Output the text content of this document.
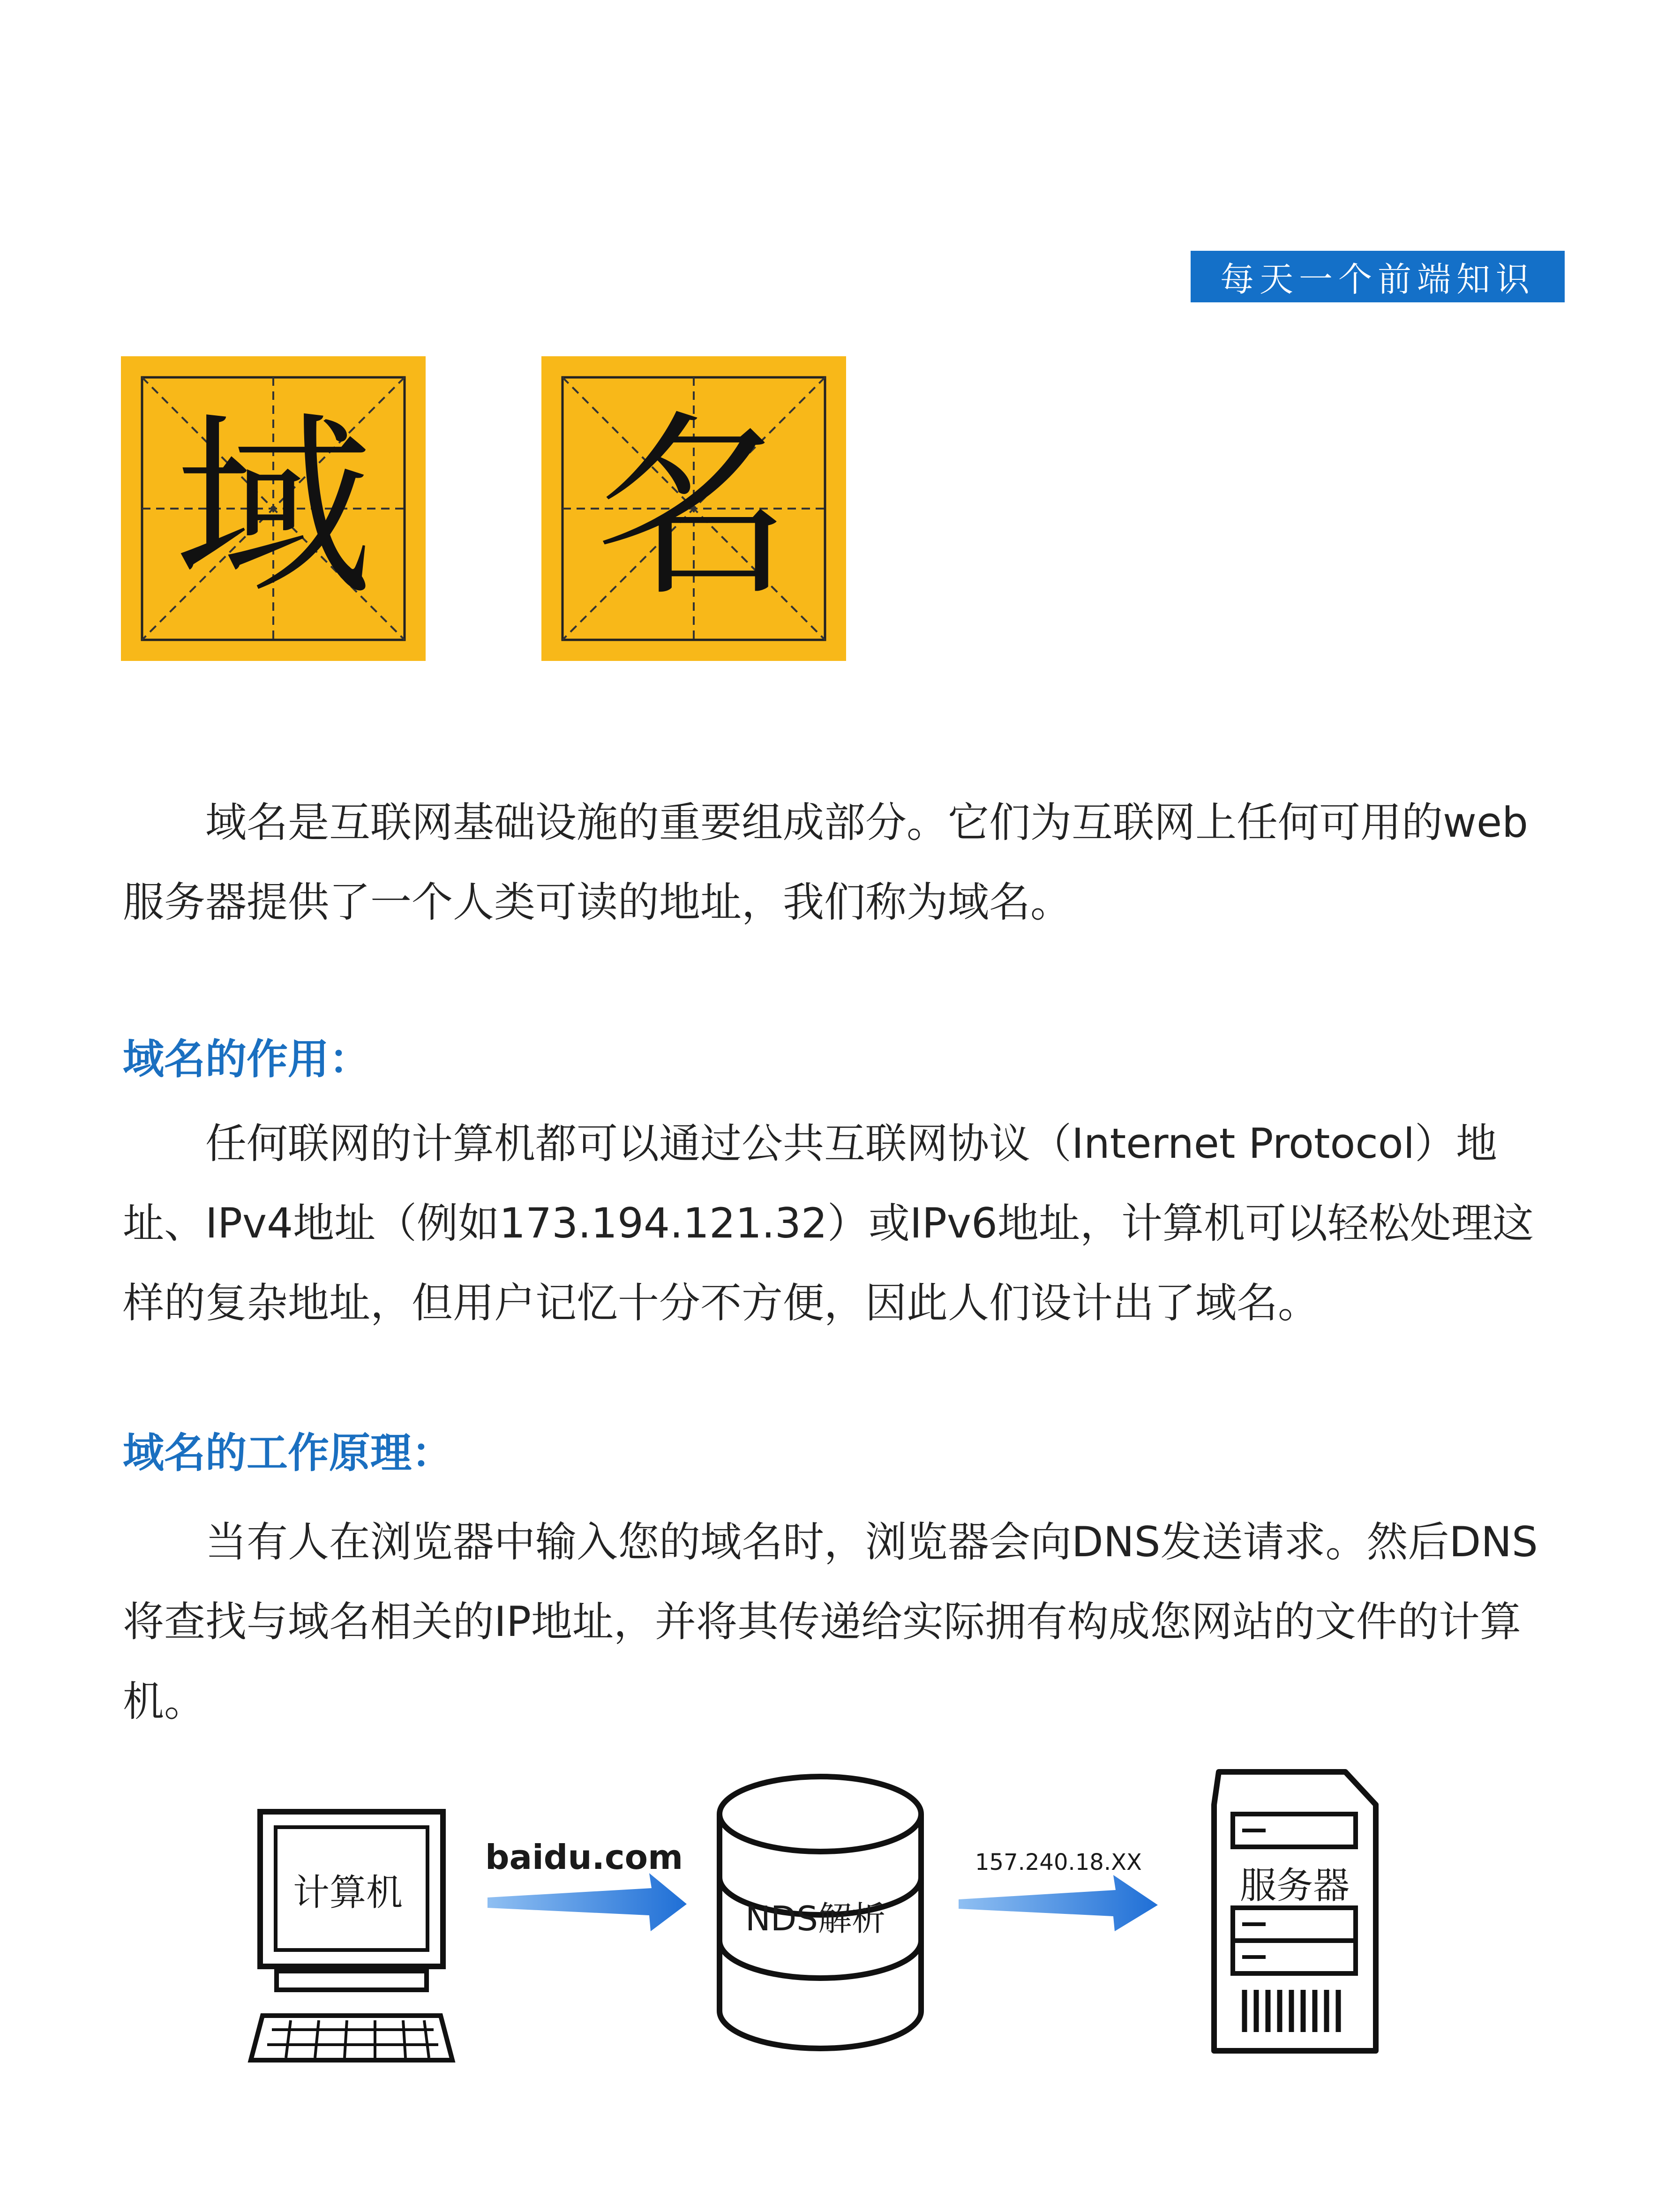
每天一个前端知识
域 名

域名是互联网基础设施的重要组成部分。它们为互联网上任何可用的web服务器提供了一个人类可读的地址，我们称为域名。

域名的作用：

任何联网的计算机都可以通过公共互联网协议（Internet Protocol）地址、IPv4地址（例如173.194.121.32）或IPv6地址，计算机可以轻松处理这样的复杂地址，但用户记忆十分不方便，因此人们设计出了域名。

域名的工作原理：

当有人在浏览器中输入您的域名时，浏览器会向DNS发送请求。然后DNS将查找与域名相关的IP地址，并将其传递给实际拥有构成您网站的文件的计算机。

计算机
baidu.com
NDS解析
157.240.18.XX
服务器
